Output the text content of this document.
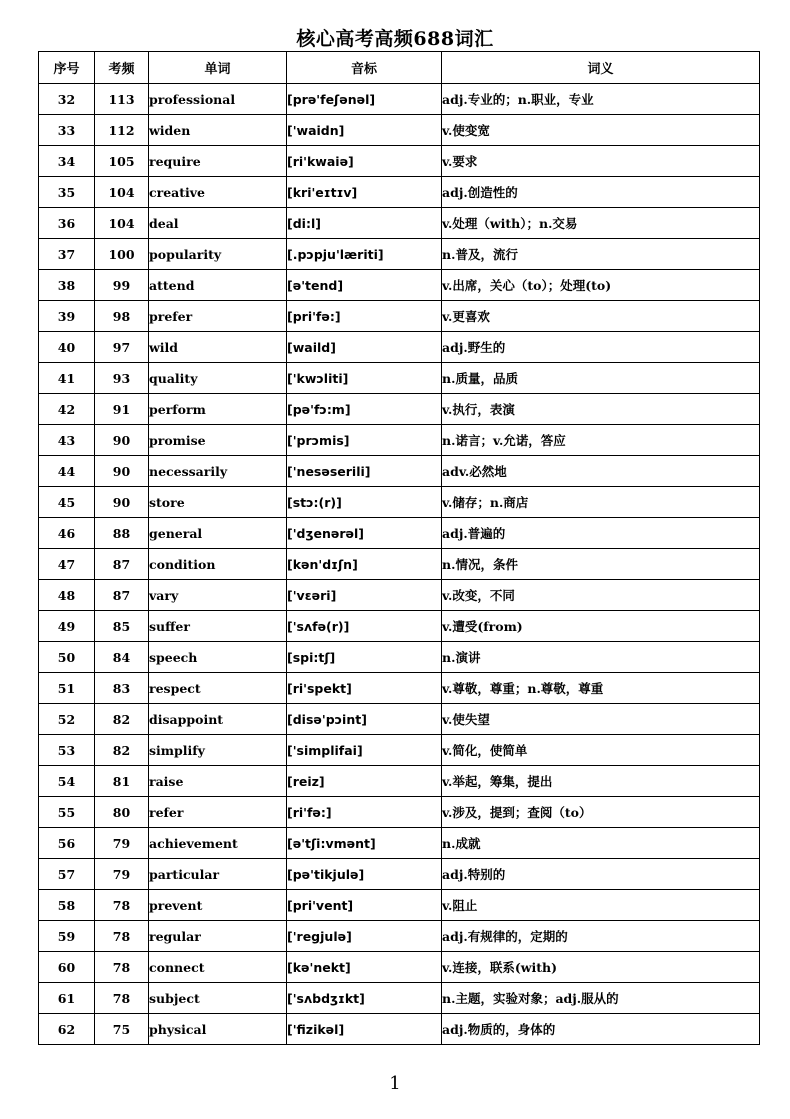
核心高考高频688词汇
序号	考频	单词	音标	词义
32	113	professional	[prə'feʃənəl]	adj.专业的；n.职业，专业
33	112	widen	['waidn]	v.使变宽
34	105	require	[ri'kwaiə]	v.要求
35	104	creative	[kri'eɪtɪv]	adj.创造性的
36	104	deal	[di:l]	v.处理（with）；n.交易
37	100	popularity	[.pɔpju'læriti]	n.普及，流行
38	99	attend	[ə'tend]	v.出席，关心（to）；处理(to)
39	98	prefer	[pri'fə:]	v.更喜欢
40	97	wild	[waild]	adj.野生的
41	93	quality	['kwɔliti]	n.质量，品质
42	91	perform	[pə'fɔ:m]	v.执行，表演
43	90	promise	['prɔmis]	n.诺言；v.允诺，答应
44	90	necessarily	['nesəserili]	adv.必然地
45	90	store	[stɔ:(r)]	v.储存；n.商店
46	88	general	['dʒenərəl]	adj.普遍的
47	87	condition	[kən'dɪʃn]	n.情况，条件
48	87	vary	['vɛəri]	v.改变，不同
49	85	suffer	['sʌfə(r)]	v.遭受(from)
50	84	speech	[spi:tʃ]	n.演讲
51	83	respect	[ri'spekt]	v.尊敬，尊重；n.尊敬，尊重
52	82	disappoint	[disə'pɔint]	v.使失望
53	82	simplify	['simplifai]	v.简化，使简单
54	81	raise	[reiz]	v.举起，筹集，提出
55	80	refer	[ri'fə:]	v.涉及，提到；查阅（to）
56	79	achievement	[ə'tʃi:vmənt]	n.成就
57	79	particular	[pə'tikjulə]	adj.特别的
58	78	prevent	[pri'vent]	v.阻止
59	78	regular	['regjulə]	adj.有规律的，定期的
60	78	connect	[kə'nekt]	v.连接，联系(with)
61	78	subject	['sʌbdʒɪkt]	n.主题，实验对象；adj.服从的
62	75	physical	['fizikəl]	adj.物质的，身体的
1
